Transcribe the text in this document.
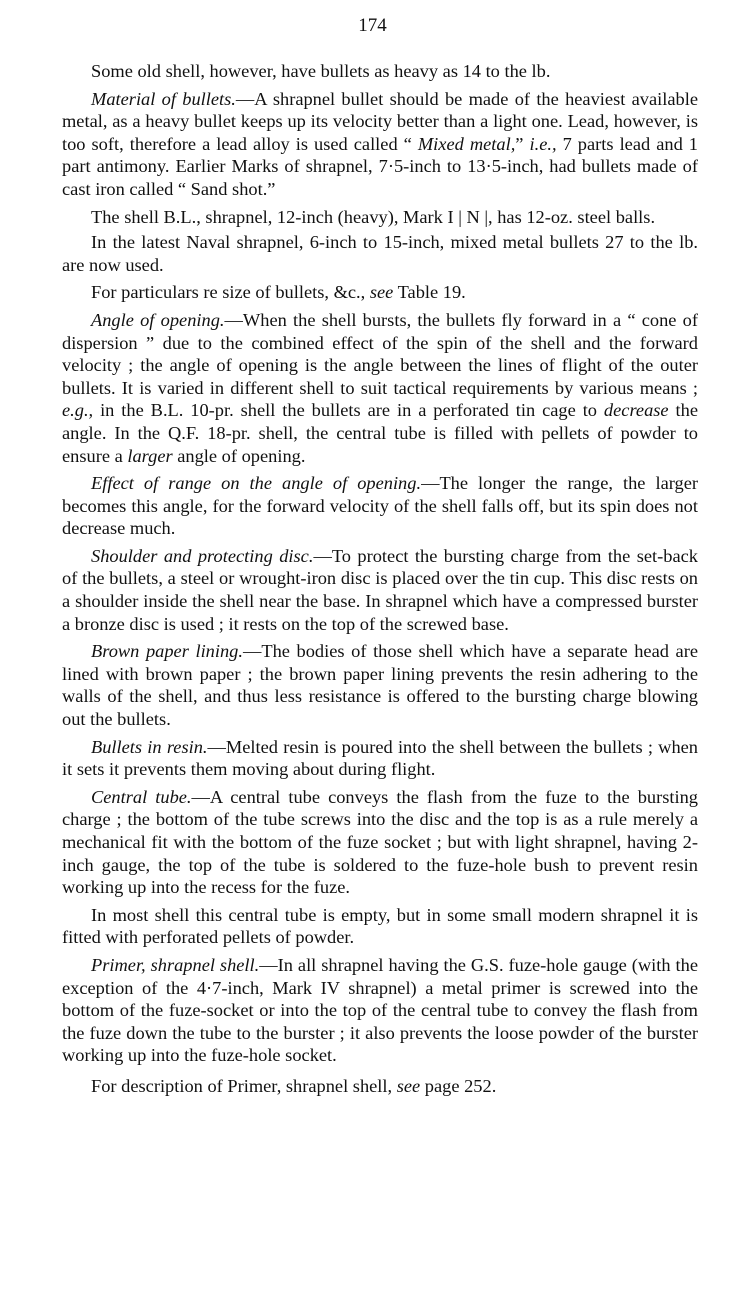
174

Some old shell, however, have bullets as heavy as 14 to the lb.

Material of bullets.—A shrapnel bullet should be made of the heaviest available metal, as a heavy bullet keeps up its velocity better than a light one. Lead, however, is too soft, therefore a lead alloy is used called “ Mixed metal,” i.e., 7 parts lead and 1 part antimony. Earlier Marks of shrapnel, 7·5-inch to 13·5-inch, had bullets made of cast iron called “ Sand shot.”

The shell B.L., shrapnel, 12-inch (heavy), Mark I | N |, has 12-oz. steel balls.

In the latest Naval shrapnel, 6-inch to 15-inch, mixed metal bullets 27 to the lb. are now used.

For particulars re size of bullets, &c., see Table 19.

Angle of opening.—When the shell bursts, the bullets fly forward in a “ cone of dispersion ” due to the combined effect of the spin of the shell and the forward velocity ; the angle of opening is the angle between the lines of flight of the outer bullets. It is varied in different shell to suit tactical requirements by various means ; e.g., in the B.L. 10-pr. shell the bullets are in a perforated tin cage to decrease the angle. In the Q.F. 18-pr. shell, the central tube is filled with pellets of powder to ensure a larger angle of opening.

Effect of range on the angle of opening.—The longer the range, the larger becomes this angle, for the forward velocity of the shell falls off, but its spin does not decrease much.

Shoulder and protecting disc.—To protect the bursting charge from the set-back of the bullets, a steel or wrought-iron disc is placed over the tin cup. This disc rests on a shoulder inside the shell near the base. In shrapnel which have a compressed burster a bronze disc is used ; it rests on the top of the screwed base.

Brown paper lining.—The bodies of those shell which have a separate head are lined with brown paper ; the brown paper lining prevents the resin adhering to the walls of the shell, and thus less resistance is offered to the bursting charge blowing out the bullets.

Bullets in resin.—Melted resin is poured into the shell between the bullets ; when it sets it prevents them moving about during flight.

Central tube.—A central tube conveys the flash from the fuze to the bursting charge ; the bottom of the tube screws into the disc and the top is as a rule merely a mechanical fit with the bottom of the fuze socket ; but with light shrapnel, having 2-inch gauge, the top of the tube is soldered to the fuze-hole bush to prevent resin working up into the recess for the fuze.

In most shell this central tube is empty, but in some small modern shrapnel it is fitted with perforated pellets of powder.

Primer, shrapnel shell.—In all shrapnel having the G.S. fuze-hole gauge (with the exception of the 4·7-inch, Mark IV shrapnel) a metal primer is screwed into the bottom of the fuze-socket or into the top of the central tube to convey the flash from the fuze down the tube to the burster ; it also prevents the loose powder of the burster working up into the fuze-hole socket.

For description of Primer, shrapnel shell, see page 252.
